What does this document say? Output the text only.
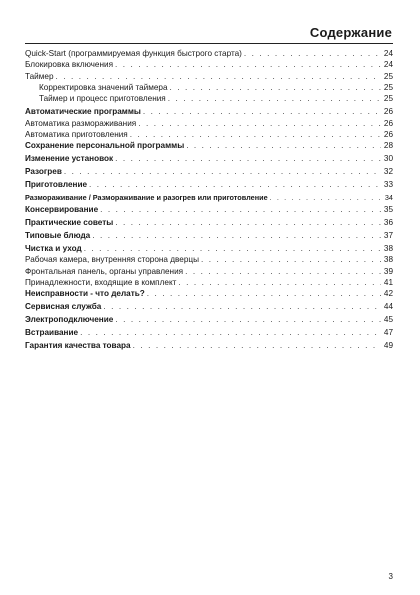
Содержание
Quick-Start (программируемая функция быстрого старта) . . .	24
Блокировка включения . . .	24
Таймер . . .	25
Корректировка значений таймера . . .	25
Таймер и процесс приготовления . . .	25
Автоматические программы . . .	26
Автоматика размораживания . . .	26
Автоматика приготовления . . .	26
Сохранение персональной программы . . .	28
Изменение установок . . .	30
Разогрев . . .	32
Приготовление . . .	33
Размораживание / Размораживание и разогрев или приготовление . . .	34
Консервирование . . .	35
Практические советы . . .	36
Типовые блюда . . .	37
Чистка и уход . . .	38
Рабочая камера, внутренняя сторона дверцы . . .	38
Фронтальная панель, органы управления . . .	39
Принадлежности, входящие в комплект . . .	41
Неисправности - что делать? . . .	42
Сервисная служба . . .	44
Электроподключение . . .	45
Встраивание . . .	47
Гарантия качества товара . . .	49
3
